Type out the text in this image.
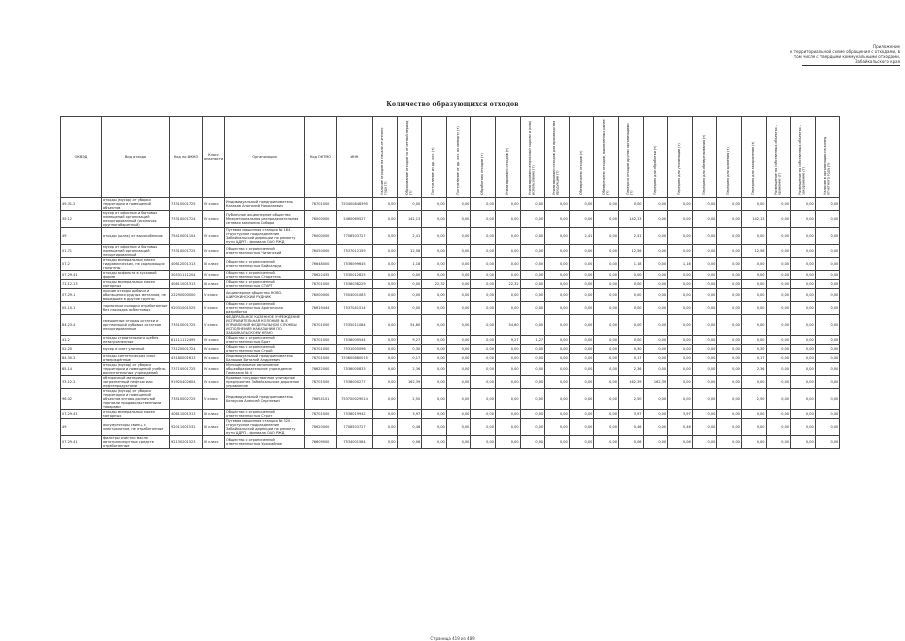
Приложение
к территориальной схеме обращения с отходами, в
том числе с твердыми коммунальными отходами,
Забайкальского края
Количество образующихся отходов
ОКВЭД	Вид отхода	Код по ФККО	Класс опасности	Организация	Код ОКТМО	ИНН	Наличие отходов на начало отчетного года (т)	Образование отходов за отчетный период (т)	Поступление из др. хоз. (т)	Поступление от др. хоз. по импорту (т)	Обработано отходов (т)	Утилизировано отходов (т)	Утилизировано вторичным сырьем и (или) использовано (т)	Утилизировано отходов для производства продукции (т)	Обезврежено отходов (т)	Обезврежено отходов, накопленных ранее (т)	Передача отходов другим организациям (т)	Передано для обработки (т)	Передано для утилизации (т)	Передано для обезвреживания (т)	Передано для хранения (т)	Передано для захоронения (т)	Размещение на собственных объектах - хранение (т)	Размещение на собственных объектах - захоронение (т)	Наличие в организации на конец отчетного года (т)

49.31.2	отходы (мусор) от уборки территории и помещений объектов	73310001725	IV класс	Индивидуальный предприниматель Казаков Анатолий Николаевич	76701000	753400848395	0,00	0,00	0,00	0,00	0,00	0,00	0,00	0,00	0,00	0,00	0,00	0,00	0,00	0,00	0,00	0,00	0,00	0,00	0,00
35.12	мусор от офисных и бытовых помещений организаций несортированный (исключая крупногабаритный)	73310001724	IV класс	Публичное акционерное общество Межрегиональная распределительная сетевая компания Сибири	76000000	2460069527	0,00	142,13	0,00	0,00	0,00	0,00	0,00	0,00	0,00	0,00	142,13	0,00	0,00	0,00	0,00	142,13	0,00	0,00	0,00
49	отходы (шлак) от высокобелков	75410001104	IV класс	Путевая машинная станция № 184 - структурное подразделение Забайкальской дирекции по ремонту пути ЦДРП - филиала ОАО РЖД	76000000	7708503727	0,00	2,41	0,00	0,00	0,00	0,00	0,00	0,00	2,41	0,00	2,41	0,00	0,00	0,00	0,00	0,00	0,00	0,00	0,00
01.71	мусор от офисных и бытовых помещений организаций несортированный	73310001725	IV класс	Общество с ограниченной ответственностью Читинский	76050000	7537012159	0,00	12,56	0,00	0,00	0,00	0,00	0,00	0,00	0,00	0,00	12,56	0,00	0,00	0,00	0,00	12,56	0,00	0,00	0,00
07.2	отходы минеральных масел гидравлических, не содержащих галогены	40612001313	III класс	Общество с ограниченной ответственностью Байкалруд	76648000	7536099645	0,00	1,18	0,00	0,00	0,00	0,00	0,00	0,00	0,00	0,00	1,18	0,00	1,18	0,00	0,00	0,00	0,00	0,00	0,00
07.29.41	отходы асфальта в кусковой форме	30531111204	IV класс	Общество с ограниченной ответственностью Старатель	76622435	7530012825	0,00	0,00	0,00	0,00	0,00	0,00	0,00	0,00	0,00	0,00	0,00	0,00	0,00	0,00	0,00	0,00	0,00	0,00	0,00
71.12.13	отходы минеральных масел моторных	40611001313	III класс	Общество с ограниченной ответственностью СТАРТ	76701000	7536038229	0,00	0,00	22,32	0,00	0,00	22,32	0,00	0,00	0,00	0,00	0,00	0,00	0,00	0,00	0,00	0,00	0,00	0,00	0,00
07.29.1	прочие отходы добычи и обогащения рудных металлов, не вошедшие в другие группы	22290000000	V класс	Акционерное общество НОВО-ШИРОКИНСКИЙ РУДНИК	76000000	7504001063	0,00	0,00	0,00	0,00	0,00	0,00	0,00	0,00	0,00	0,00	0,00	0,00	0,00	0,00	0,00	0,00	0,00	0,00	0,00
05.10.1	тормозные колодки отработанные без накладок асбестовых	92031001525	V класс	Общество с ограниченной ответственностью Арагонская разработка	76619444	7537041514	0,00	0,00	0,00	0,00	0,00	0,00	0,00	0,00	0,00	0,00	0,00	0,00	0,00	0,00	0,00	0,00	0,00	0,00	0,00
84.23.4	смешанные отходы остатки и оргнаизаций кубовых остатков несортированные	73510001725	V класс	ФЕДЕРАЛЬНОЕ КАЗЕННОЕ УЧРЕЖДЕНИЕ ИСПРАВИТЕЛЬНАЯ КОЛОНИЯ № 8 УПРАВЛЕНИЯ ФЕДЕРАЛЬНОЙ СЛУЖБЫ ИСПОЛНЕНИЯ НАКАЗАНИЙ ПО ЗАБАЙКАЛЬСКОМУ КРАЮ	76701000	7535011084	0,00	54,60	0,00	0,00	0,00	54,60	0,00	0,00	0,00	0,00	0,00	0,00	0,00	0,00	0,00	0,00	0,00	0,00	0,00
41.2	отходы строительного щебня незагрязненные	81111112495	IV класс	Общество с ограниченной ответственностью Брат	76701000	7536009544	0,00	9,27	0,00	0,00	0,00	9,27	1,27	0,00	0,00	0,00	0,00	0,00	0,00	0,00	0,00	0,00	0,00	0,00	0,00
02.20	мусор и смет уличный	73120001724	IV класс	Общество с ограниченной ответственностью Строй	76701000	7531005096	0,00	0,30	0,00	0,00	0,00	0,00	0,00	0,00	0,00	0,00	0,30	0,00	0,00	0,00	0,00	0,30	0,00	0,00	0,00
84.30.2	отходы синтетических смол отверждённые	43180001613	IV класс	Индивидуальный предприниматель Балашов Виталий Андреевич	76701000	753600880015	0,00	0,17	0,00	0,00	0,00	0,00	0,00	0,00	0,00	0,00	0,17	0,00	0,00	0,00	0,00	0,17	0,00	0,00	0,00
85.14	отходы (мусор) от уборки территории и помещений учебно-воспитательных учреждений	73710001725	IV класс	Муниципальное автономное общеобразовательное учреждение Гимназия № 4	76622000	7536000833	0,00	2,36	0,00	0,00	0,00	0,00	0,00	0,00	0,00	0,00	2,36	0,00	0,00	0,00	0,00	2,36	0,00	0,00	0,00
33.12.2	обтирочный материал загрязненный нефтью или нефтепродуктами	91920402604	IV класс	Краевое государственное унитарное предприятие Забайкальское дорожное управление	76701000	7536000277	0,00	162,39	0,00	0,00	0,00	0,00	0,00	0,00	0,00	0,00	162,39	162,39	0,00	0,00	0,00	0,00	0,00	0,00	0,00
96.02	отходы (мусор) от уборки территории и помещений объектов оптово-розничной торговли продовольственными товарами	73510002725	V класс	Индивидуальный предприниматель Белоусов Алексей Сергеевич	76654101	753700029014	0,00	2,50	0,00	0,00	0,00	0,00	0,00	0,00	0,00	0,00	2,50	0,00	0,00	0,00	0,00	2,50	0,00	0,00	0,00
07.29.41	отходы минеральных масел моторных	40611001313	III класс	Общество с ограниченной ответственностью Стрит	76701000	7536019942	0,00	3,97	0,00	0,00	0,00	0,00	0,00	0,00	0,00	0,00	3,97	0,00	3,97	0,00	0,00	0,00	0,00	0,00	0,00
49	аккумуляторы свинц. с электролитом, не отработанные	92011001532	III класс	Путевая машинная станция № 320 - структурное подразделение Забайкальской дирекции по ремонту пути ЦДРП - филиала ОАО РЖД	76620000	7708503727	0,00	0,46	0,00	0,00	0,00	0,00	0,00	0,00	0,00	0,00	0,46	0,00	0,46	0,00	0,00	0,00	0,00	0,00	0,00
07.29.41	фильтры очистки масла автотранспортных средств отработанные	92130201523	III класс	Общество с ограниченной ответственностью Урожайное	76609000	7534001584	0,00	0,06	0,00	0,00	0,00	0,00	0,00	0,00	0,00	0,00	0,06	0,00	0,06	0,00	0,00	0,00	0,00	0,00	0,00
Страница 419 из 489
